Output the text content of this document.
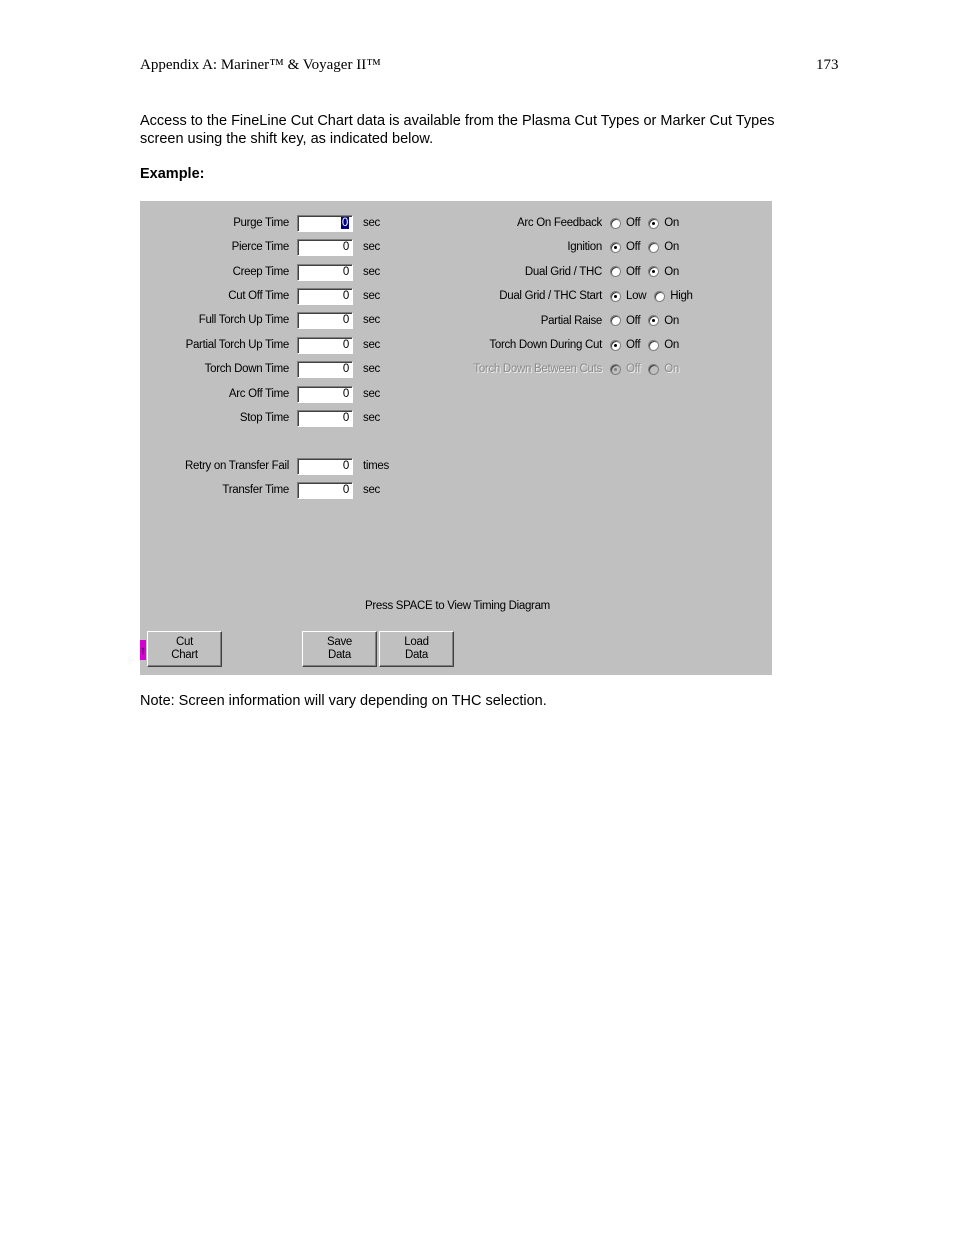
Appendix A: Mariner™ & Voyager II™	173
Access to the FineLine Cut Chart data is available from the Plasma Cut Types or Marker Cut Types screen using the shift key, as indicated below.
Example:
Purge Time	0	sec
Pierce Time	0	sec
Creep Time	0	sec
Cut Off Time	0	sec
Full Torch Up Time	0	sec
Partial Torch Up Time	0	sec
Torch Down Time	0	sec
Arc Off Time	0	sec
Stop Time	0	sec
Retry on Transfer Fail	0	times
Transfer Time	0	sec
Arc On Feedback Off On
Ignition Off On
Dual Grid / THC Off On
Dual Grid / THC Start Low High
Partial Raise Off On
Torch Down During Cut Off On
Torch Down Between Cuts Off On
Press SPACE to View Timing Diagram
↑
Cut
Chart
Save
Data
Load
Data
Note: Screen information will vary depending on THC selection.
